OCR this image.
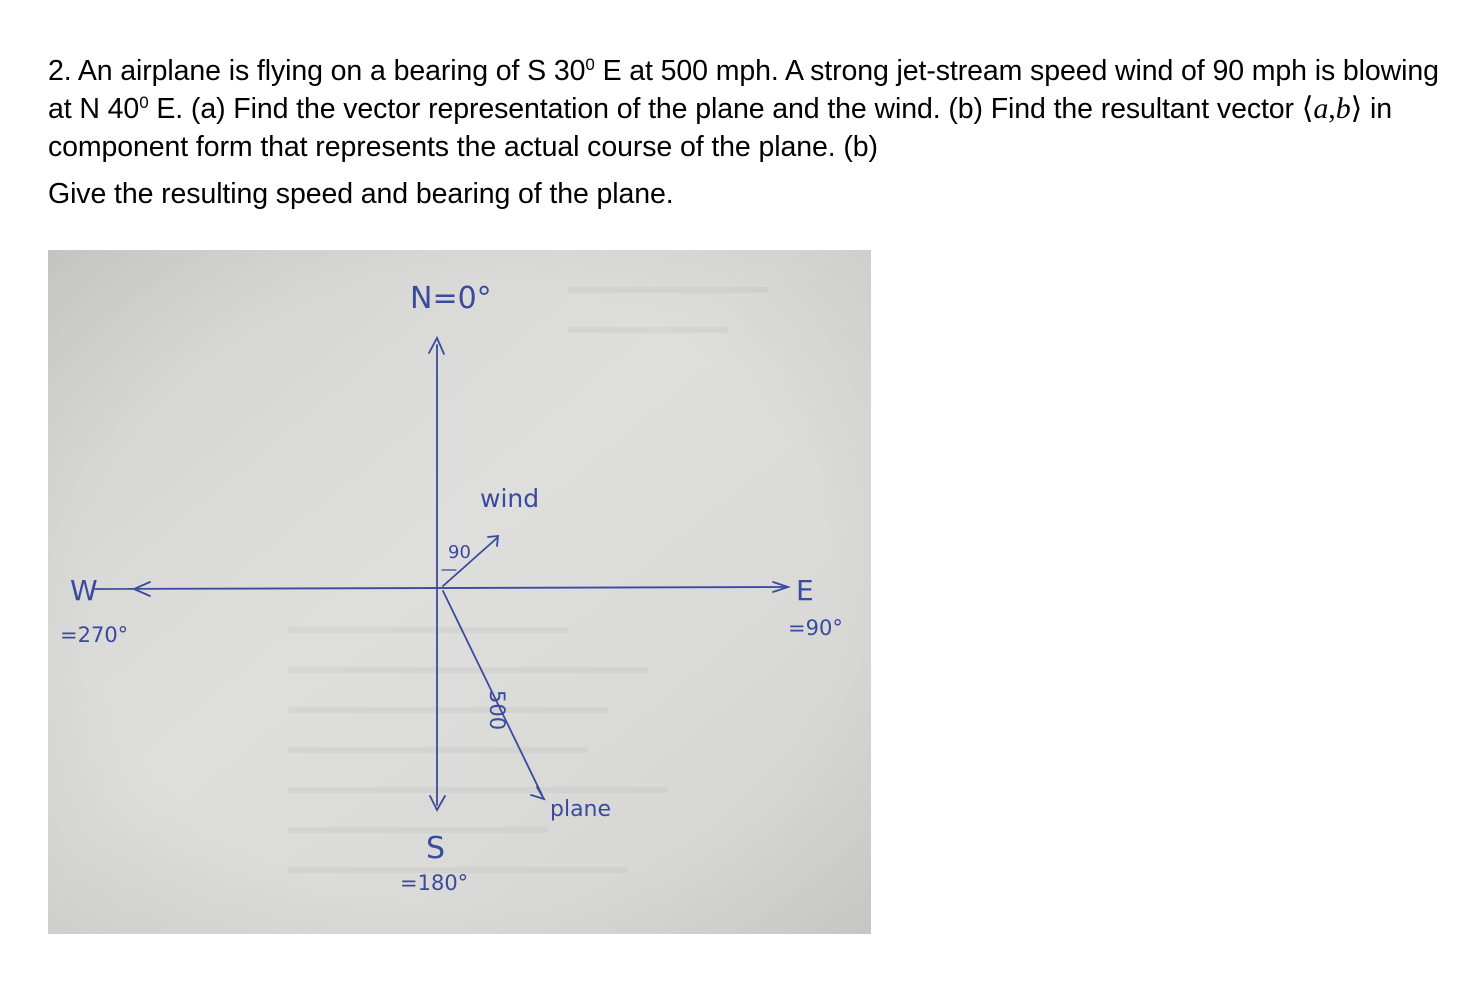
2. An airplane is flying on a bearing of S $30^0$ E at 500 mph. A strong jet-stream speed wind of 90 mph is blowing at N $40^0$ E. (a) Find the vector representation of the plane and the wind. (b) Find the resultant vector ⟨a,b⟩ in component form that represents the actual course of the plane. (b)

Give the resulting speed and bearing of the plane.

N=0°
wind
90
W
=270°
E
=90°
500
plane
S
=180°
